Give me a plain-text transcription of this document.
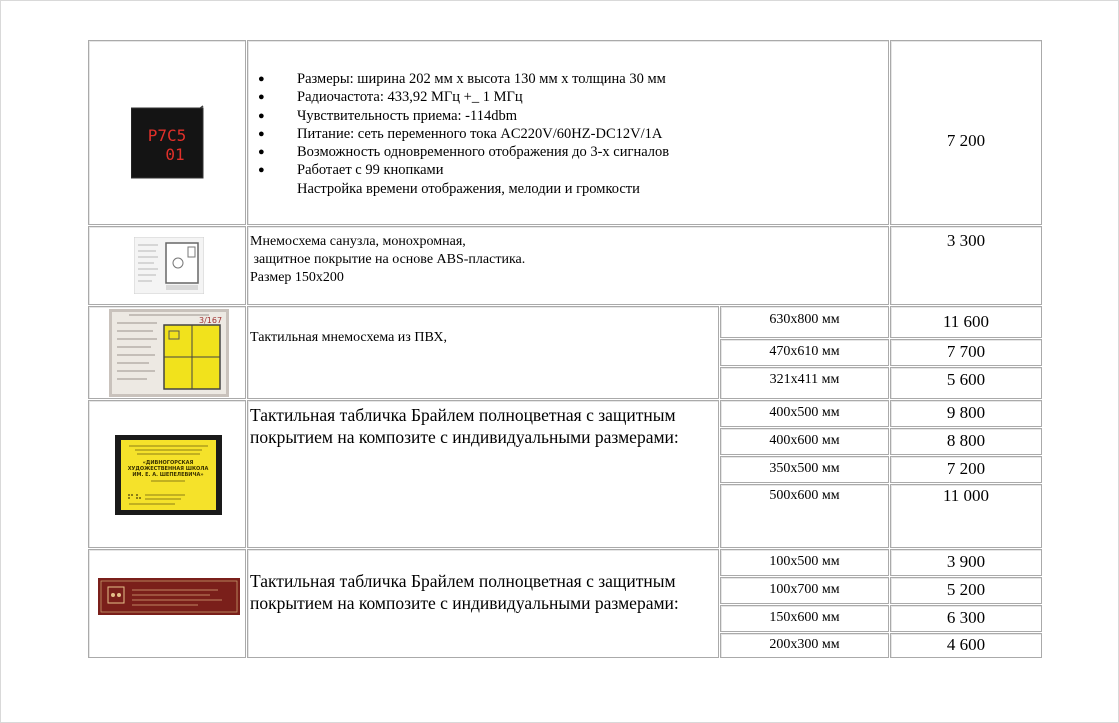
P7C5
01
● Размеры: ширина 202 мм х высота 130 мм х толщина 30 мм
● Радиочастота: 433,92 МГц +_ 1 МГц
● Чувствительность приема: -114dbm
● Питание: сеть переменного тока AC220V/60HZ-DC12V/1A
● Возможность одновременного отображения до 3-х сигналов
● Работает с 99 кнопками
Настройка времени отображения, мелодии и громкости
7 200
Мнемосхема санузла, монохромная,
защитное покрытие на основе ABS-пластика.
Размер 150х200
3 300
3/167
Тактильная мнемосхема из ПВХ,
630х800 мм	11 600
470х610 мм	7 700
321х411 мм	5 600
«ДИВНОГОРСКАЯ
ХУДОЖЕСТВЕННАЯ ШКОЛА
ИМ. Е. А. ШЕПЕЛЕВИЧА»
Тактильная табличка Брайлем полноцветная с защитным
покрытием на композите с индивидуальными размерами:
400х500 мм	9 800
400х600 мм	8 800
350х500 мм	7 200
500х600 мм	11 000
Тактильная табличка Брайлем полноцветная с защитным
покрытием на композите с индивидуальными размерами:
100х500 мм	3 900
100х700 мм	5 200
150х600 мм	6 300
200х300 мм	4 600
